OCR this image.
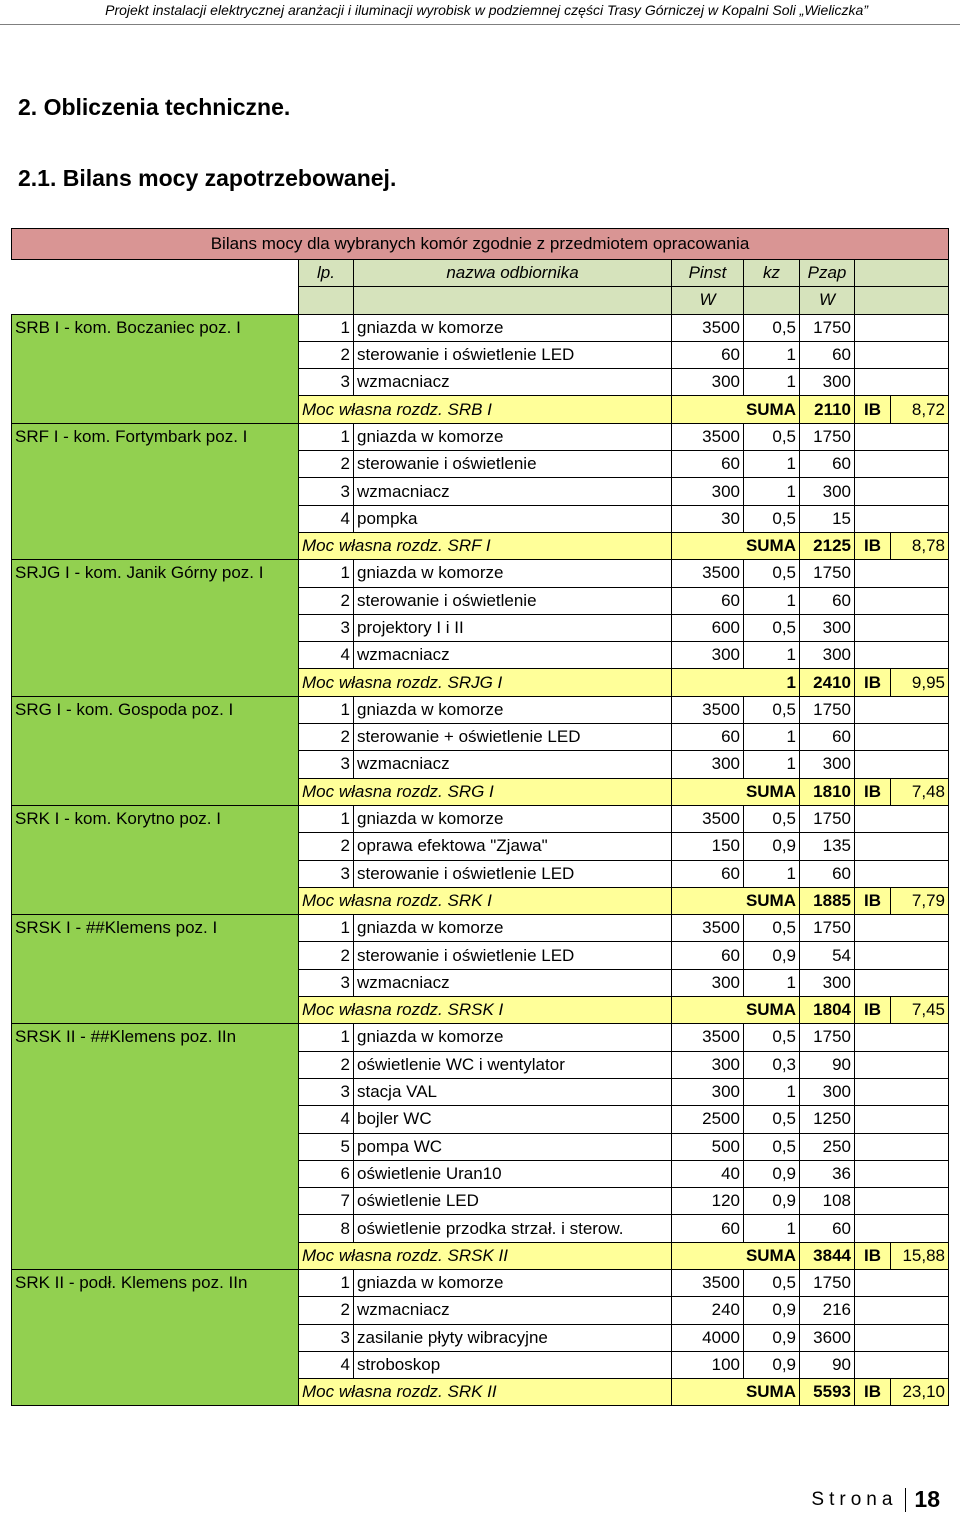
Projekt instalacji elektrycznej aranżacji i iluminacji wyrobisk w podziemnej części Trasy Górniczej w Kopalni Soli „Wieliczka”
2. Obliczenia techniczne.
2.1. Bilans mocy zapotrzebowanej.
Bilans mocy dla wybranych komór zgodnie z przedmiotem opracowania							
	lp.	nazwa odbiornika	Pinst	kz	Pzap		
			W		W		
SRB I - kom. Boczaniec poz. I	1	gniazda w komorze	3500	0,5	1750		
	2	sterowanie i oświetlenie LED	60	1	60		
	3	wzmacniacz	300	1	300		
	Moc własna rozdz. SRB I		SUMA		2110	IB	8,72
SRF I - kom. Fortymbark poz. I	1	gniazda w komorze	3500	0,5	1750		
	2	sterowanie i oświetlenie	60	1	60		
	3	wzmacniacz	300	1	300		
	4	pompka	30	0,5	15		
	Moc własna rozdz. SRF I		SUMA		2125	IB	8,78
SRJG I - kom. Janik Górny poz. I	1	gniazda w komorze	3500	0,5	1750		
	2	sterowanie i oświetlenie	60	1	60		
	3	projektory I i II	600	0,5	300		
	4	wzmacniacz	300	1	300		
	Moc własna rozdz. SRJG I		1		2410	IB	9,95
SRG I - kom. Gospoda poz. I	1	gniazda w komorze	3500	0,5	1750		
	2	sterowanie + oświetlenie LED	60	1	60		
	3	wzmacniacz	300	1	300		
	Moc własna rozdz. SRG I		SUMA		1810	IB	7,48
SRK I - kom. Korytno poz. I	1	gniazda w komorze	3500	0,5	1750		
	2	oprawa efektowa "Zjawa"	150	0,9	135		
	3	sterowanie i oświetlenie LED	60	1	60		
	Moc własna rozdz. SRK I		SUMA		1885	IB	7,79
SRSK I - ##Klemens poz. I	1	gniazda w komorze	3500	0,5	1750		
	2	sterowanie i oświetlenie LED	60	0,9	54		
	3	wzmacniacz	300	1	300		
	Moc własna rozdz. SRSK I		SUMA		1804	IB	7,45
SRSK II - ##Klemens poz. IIn	1	gniazda w komorze	3500	0,5	1750		
	2	oświetlenie WC i wentylator	300	0,3	90		
	3	stacja VAL	300	1	300		
	4	bojler WC	2500	0,5	1250		
	5	pompa WC	500	0,5	250		
	6	oświetlenie Uran10	40	0,9	36		
	7	oświetlenie LED	120	0,9	108		
	8	oświetlenie przodka strzał. i sterow.	60	1	60		
	Moc własna rozdz. SRSK II		SUMA		3844	IB	15,88
SRK II - podł. Klemens poz. IIn	1	gniazda w komorze	3500	0,5	1750		
	2	wzmacniacz	240	0,9	216		
	3	zasilanie płyty wibracyjne	4000	0,9	3600		
	4	stroboskop	100	0,9	90		
	Moc własna rozdz. SRK II		SUMA		5593	IB	23,10
Strona 18
